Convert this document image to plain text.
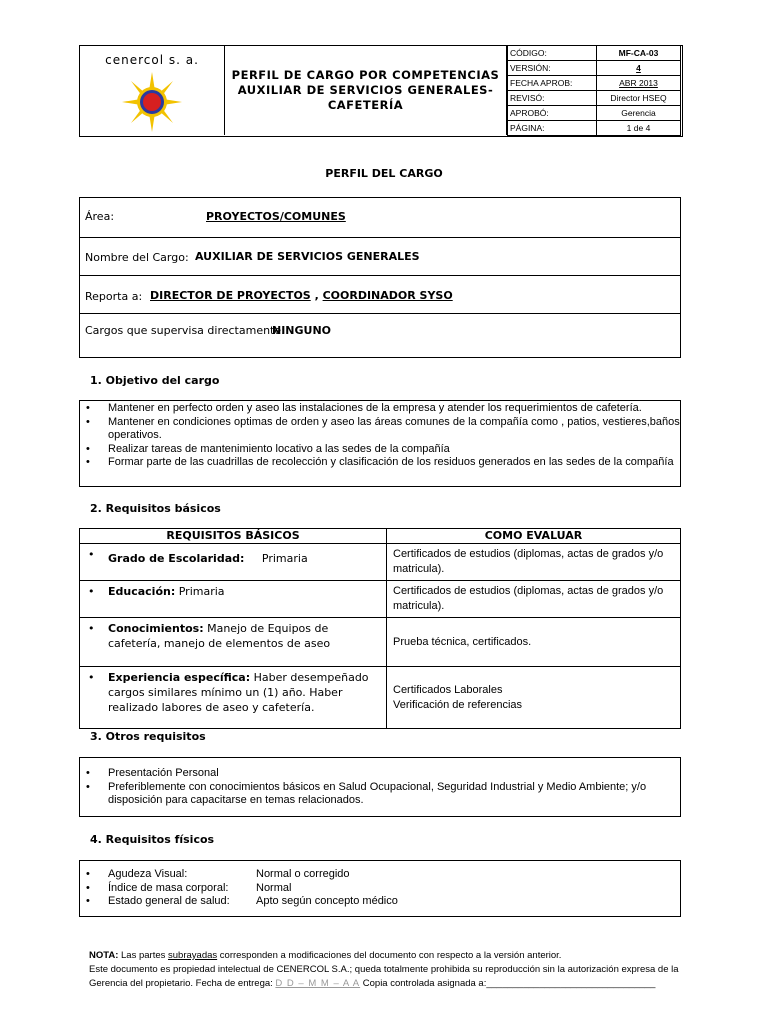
cenercol s. a.
PERFIL DE CARGO POR COMPETENCIAS
AUXILIAR DE SERVICIOS GENERALES-
CAFETERÍA
CÓDIGO:	MF-CA-03
VERSIÓN:	4
FECHA APROB:	ABR 2013
REVISÓ:	Director HSEQ
APROBÓ:	Gerencia
PÁGINA:	1 de 4
PERFIL DEL CARGO
Área:	PROYECTOS/COMUNES
Nombre del Cargo: AUXILIAR DE SERVICIOS GENERALES
Reporta a: DIRECTOR DE PROYECTOS , COORDINADOR SYSO
Cargos que supervisa directamente:
NINGUNO
1. Objetivo del cargo
• Mantener en perfecto orden y aseo las instalaciones de la empresa y atender los requerimientos de cafetería.
• Mantener en condiciones optimas de orden y aseo las áreas comunes de la compañía como , patios, vestieres,baños operativos.
• Realizar tareas de mantenimiento locativo a las sedes de la compañía
• Formar parte de las cuadrillas de recolección y clasificación de los residuos generados en las sedes de la compañía
2. Requisitos básicos
REQUISITOS BÁSICOS	COMO EVALUAR

• Grado de Escolaridad: Primaria	Certificados de estudios (diplomas, actas de grados y/o matricula).

• Educación: Primaria	Certificados de estudios (diplomas, actas de grados y/o matricula).

• Conocimientos: Manejo de Equipos de cafetería, manejo de elementos de aseo	Prueba técnica, certificados.

• Experiencia específica: Haber desempeñado cargos similares mínimo un (1) año. Haber realizado labores de aseo y cafetería.	Certificados Laborales
Verificación de referencias
3. Otros requisitos
• Presentación Personal
• Preferiblemente con conocimientos básicos en Salud Ocupacional, Seguridad Industrial y Medio Ambiente; y/o disposición para capacitarse en temas relacionados.
4. Requisitos físicos
• Agudeza Visual:	Normal o corregido
• Índice de masa corporal:	Normal
• Estado general de salud: Apto según concepto médico
NOTA: Las partes subrayadas corresponden a modificaciones del documento con respecto a la versión anterior.
Este documento es propiedad intelectual de CENERCOL S.A.; queda totalmente prohibida su reproducción sin la autorización expresa de la Gerencia del propietario. Fecha de entrega: D D – M M – A A Copia controlada asignada a:________________________________
